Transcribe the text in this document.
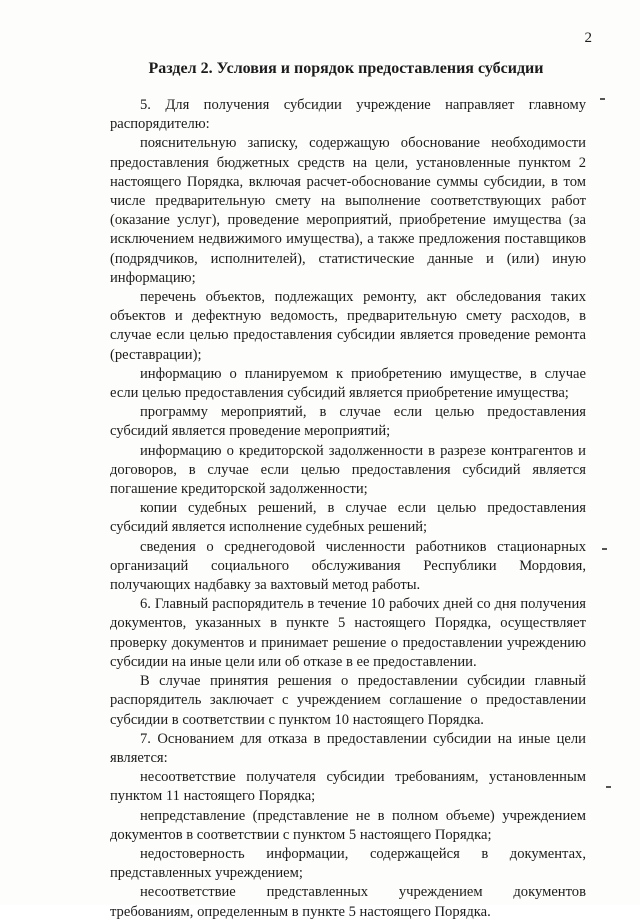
2
Раздел 2. Условия и порядок предоставления субсидии

5. Для получения субсидии учреждение направляет главному распорядителю:

пояснительную записку, содержащую обоснование необходимости предоставления бюджетных средств на цели, установленные пунктом 2 настоящего Порядка, включая расчет-обоснование суммы субсидии, в том числе предварительную смету на выполнение соответствующих работ (оказание услуг), проведение мероприятий, приобретение имущества (за исключением недвижимого имущества), а также предложения поставщиков (подрядчиков, исполнителей), статистические данные и (или) иную информацию;

перечень объектов, подлежащих ремонту, акт обследования таких объектов и дефектную ведомость, предварительную смету расходов, в случае если целью предоставления субсидии является проведение ремонта (реставрации);

информацию о планируемом к приобретению имуществе, в случае если целью предоставления субсидий является приобретение имущества;

программу мероприятий, в случае если целью предоставления субсидий является проведение мероприятий;

информацию о кредиторской задолженности в разрезе контрагентов и договоров, в случае если целью предоставления субсидий является погашение кредиторской задолженности;

копии судебных решений, в случае если целью предоставления субсидий является исполнение судебных решений;

сведения о среднегодовой численности работников стационарных организаций социального обслуживания Республики Мордовия, получающих надбавку за вахтовый метод работы.

6. Главный распорядитель в течение 10 рабочих дней со дня получения документов, указанных в пункте 5 настоящего Порядка, осуществляет проверку документов и принимает решение о предоставлении учреждению субсидии на иные цели или об отказе в ее предоставлении.

В случае принятия решения о предоставлении субсидии главный распорядитель заключает с учреждением соглашение о предоставлении субсидии в соответствии с пунктом 10 настоящего Порядка.

7. Основанием для отказа в предоставлении субсидии на иные цели является:

несоответствие получателя субсидии требованиям, установленным пунктом 11 настоящего Порядка;

непредставление (представление не в полном объеме) учреждением документов в соответствии с пунктом 5 настоящего Порядка;

недостоверность информации, содержащейся в документах, представленных учреждением;

несоответствие представленных учреждением документов требованиям, определенным в пункте 5 настоящего Порядка.
